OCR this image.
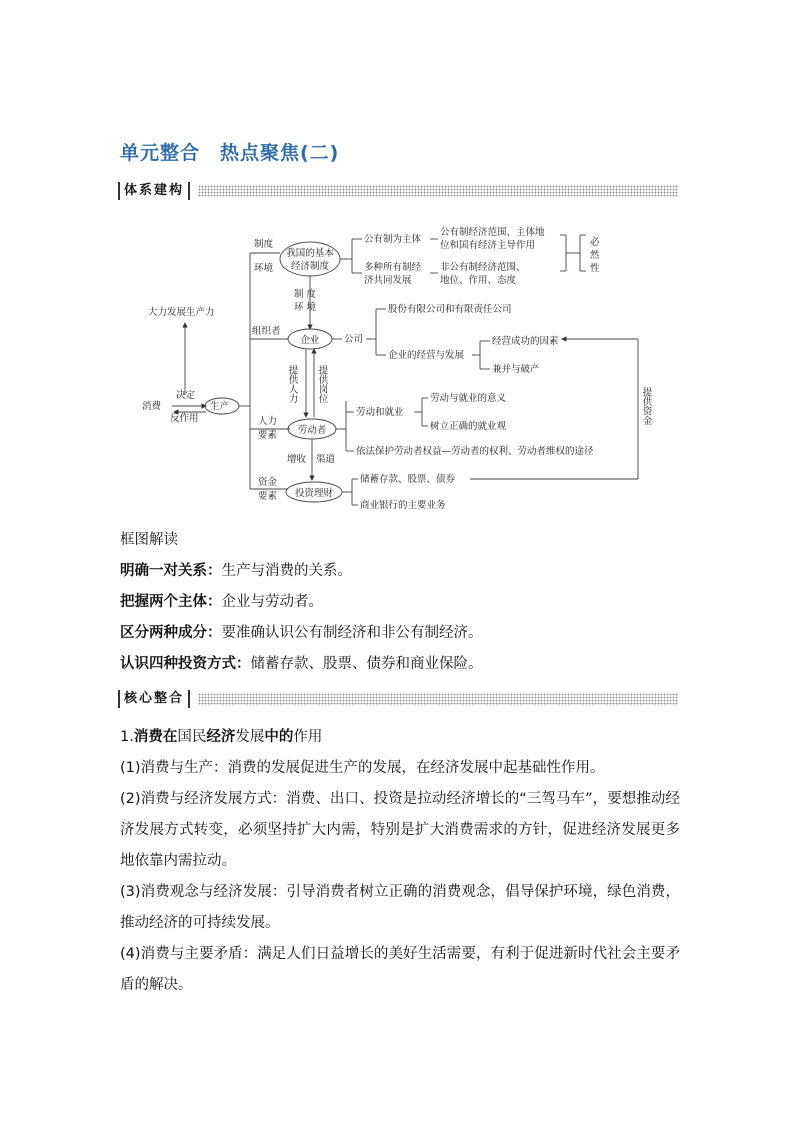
单元整合　热点聚焦(二)
体系建构
消费	生产
决定
反作用
大力发展生产力
制度
环境
我国的基本
经济制度
公有制为主体
公有制经济范围、主体地
位和国有经济主导作用
多种所有制经
济共同发展
非公有制经济范围、
地位、作用、态度
必
然
性
制 度
环 境
组织者
企业	公司
股份有限公司和有限责任公司
企业的经营与发展
经营成功的因素
兼并与破产
人力
要素 劳动者
劳动和就业
劳动与就业的意义
树立正确的就业观
依法保护劳动者权益—劳动者的权利、劳动者维权的途径
增收 渠道
资金
要素 投资理财
储蓄存款、股票、债券
商业银行的主要业务
提供人力 提供岗位
提供资金
框图解读
明确一对关系：生产与消费的关系。
把握两个主体：企业与劳动者。
区分两种成分：要准确认识公有制经济和非公有制经济。
认识四种投资方式：储蓄存款、股票、债券和商业保险。
核心整合
1.消费在国民经济发展中的作用
(1)消费与生产：消费的发展促进生产的发展，在经济发展中起基础性作用。
(2)消费与经济发展方式：消费、出口、投资是拉动经济增长的“三驾马车”，要想推动经济发展方式转变，必须坚持扩大内需，特别是扩大消费需求的方针，促进经济发展更多地依靠内需拉动。
(3)消费观念与经济发展：引导消费者树立正确的消费观念，倡导保护环境，绿色消费，推动经济的可持续发展。
(4)消费与主要矛盾：满足人们日益增长的美好生活需要，有利于促进新时代社会主要矛盾的解决。
